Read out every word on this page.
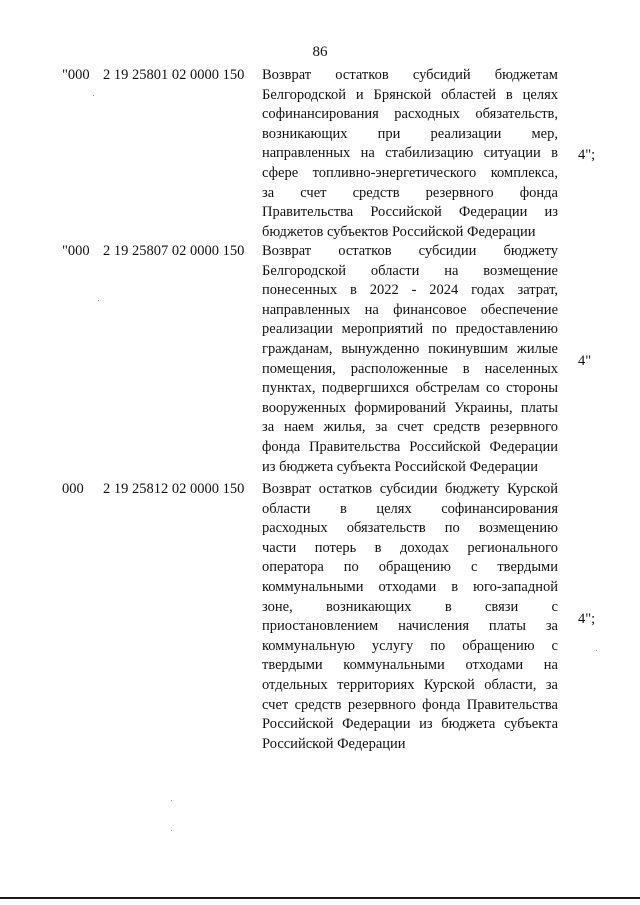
86
"000 2 19 25801 02 0000 150 Возврат остатков субсидий бюджетам
Белгородской и Брянской областей в целях
софинансирования расходных обязательств,
возникающих при реализации мер,
направленных на стабилизацию ситуации в
сфере топливно-энергетического комплекса,
за счет средств резервного фонда
Правительства Российской Федерации из
бюджетов субъектов Российской Федерации
4";
"000 2 19 25807 02 0000 150 Возврат остатков субсидии бюджету
Белгородской области на возмещение
понесенных в 2022 - 2024 годах затрат,
направленных на финансовое обеспечение
реализации мероприятий по предоставлению
гражданам, вынужденно покинувшим жилые
помещения, расположенные в населенных
пунктах, подвергшихся обстрелам со стороны
вооруженных формирований Украины, платы
за наем жилья, за счет средств резервного
фонда Правительства Российской Федерации
из бюджета субъекта Российской Федерации
4"
000 2 19 25812 02 0000 150 Возврат остатков субсидии бюджету Курской
области в целях софинансирования
расходных обязательств по возмещению
части потерь в доходах регионального
оператора по обращению с твердыми
коммунальными отходами в юго-западной
зоне, возникающих в связи с
приостановлением начисления платы за
коммунальную услугу по обращению с
твердыми коммунальными отходами на
отдельных территориях Курской области, за
счет средств резервного фонда Правительства
Российской Федерации из бюджета субъекта
Российской Федерации
4";
